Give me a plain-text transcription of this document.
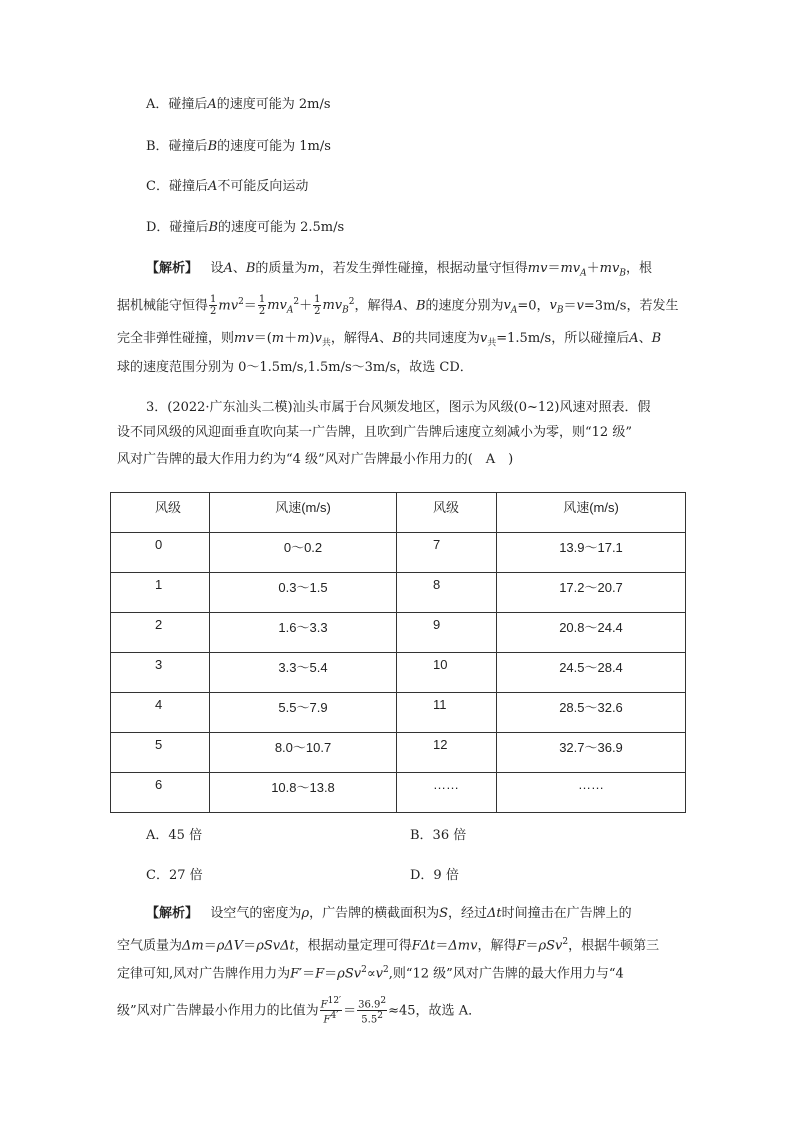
A．碰撞后A的速度可能为 2m/s
B．碰撞后B的速度可能为 1m/s
C．碰撞后A不可能反向运动
D．碰撞后B的速度可能为 2.5m/s
【解析】 设A、B的质量为m，若发生弹性碰撞，根据动量守恒得$mv=mv_A+mv_B$，根
据机械能守恒得 $\frac{1}{2} mv^2= \frac{1}{2} mv_A^2+ \frac{1}{2} mv_B^2$，解得A、B的速度分别为$v_A=0$，$v_B=v=3m/s$，若发生
完全非弹性碰撞，则$mv=(m+m)v_共$，解得A、B的共同速度为$v_共=1.5m/s$，所以碰撞后A、B
球的速度范围分别为 0～1.5m/s,1.5m/s～3m/s，故选 CD．
3．(2022·广东汕头二模)汕头市属于台风频发地区，图示为风级(0~12)风速对照表．假
设不同风级的风迎面垂直吹向某一广告牌，且吹到广告牌后速度立刻减小为零，则“12 级”
风对广告牌的最大作用力约为“4 级”风对广告牌最小作用力的(　A　)
风级	风速(m/s)	风级	风速(m/s)
0	0～0.2	7	13.9～17.1
1	0.3～1.5	8	17.2～20.7
2	1.6～3.3	9	20.8～24.4
3	3.3～5.4	10	24.5～28.4
4	5.5～7.9	11	28.5～32.6
5	8.0～10.7	12	32.7～36.9
6	10.8～13.8	……	……
A．45 倍	B．36 倍
C．27 倍	D．9 倍
【解析】 设空气的密度为ρ，广告牌的横截面积为S，经过Δt时间撞击在广告牌上的
空气质量为Δm＝ρΔV＝ρSvΔt，根据动量定理可得FΔt＝Δmv，解得F＝ρSv$^2$，根据牛顿第三
定律可知,风对广告牌作用力为$F'=F=\rho Sv^2\propto v^2$,则“12 级”风对广告牌的最大作用力与“4
级”风对广告牌最小作用力的比值为 $\frac{F^{12'}}{F^{4'}} = \frac{36.9^2}{5.5^2} \approx 45$，故选 A．
